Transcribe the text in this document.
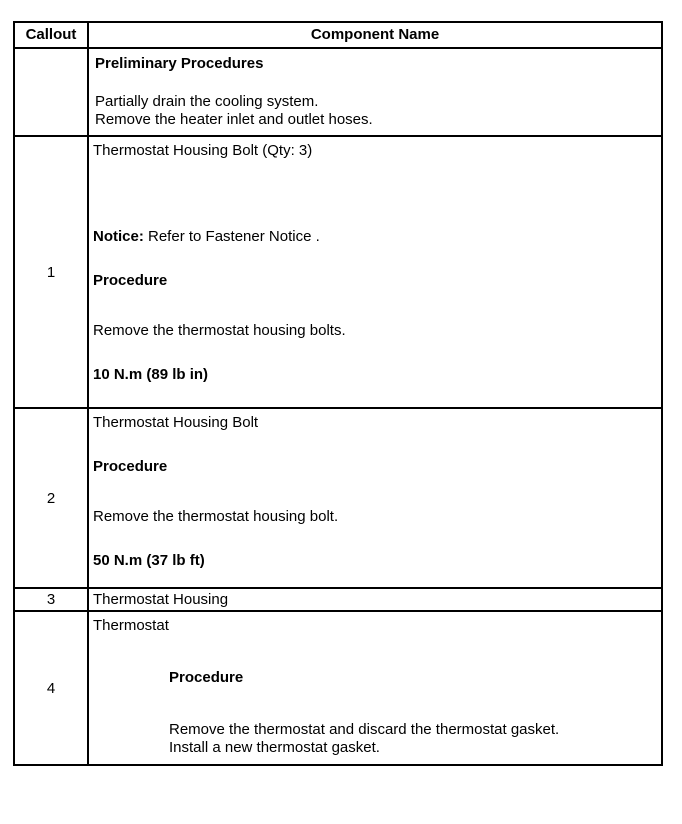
Callout	Component Name

	Preliminary Procedures
Partially drain the cooling system.
Remove the heater inlet and outlet hoses.

1	Thermostat Housing Bolt (Qty: 3)
Notice: Refer to Fastener Notice .
Procedure
Remove the thermostat housing bolts.
10 N.m (89 lb in)

2	Thermostat Housing Bolt
Procedure
Remove the thermostat housing bolt.
50 N.m (37 lb ft)

3	Thermostat Housing

4	Thermostat
Procedure
Remove the thermostat and discard the thermostat gasket.
Install a new thermostat gasket.
